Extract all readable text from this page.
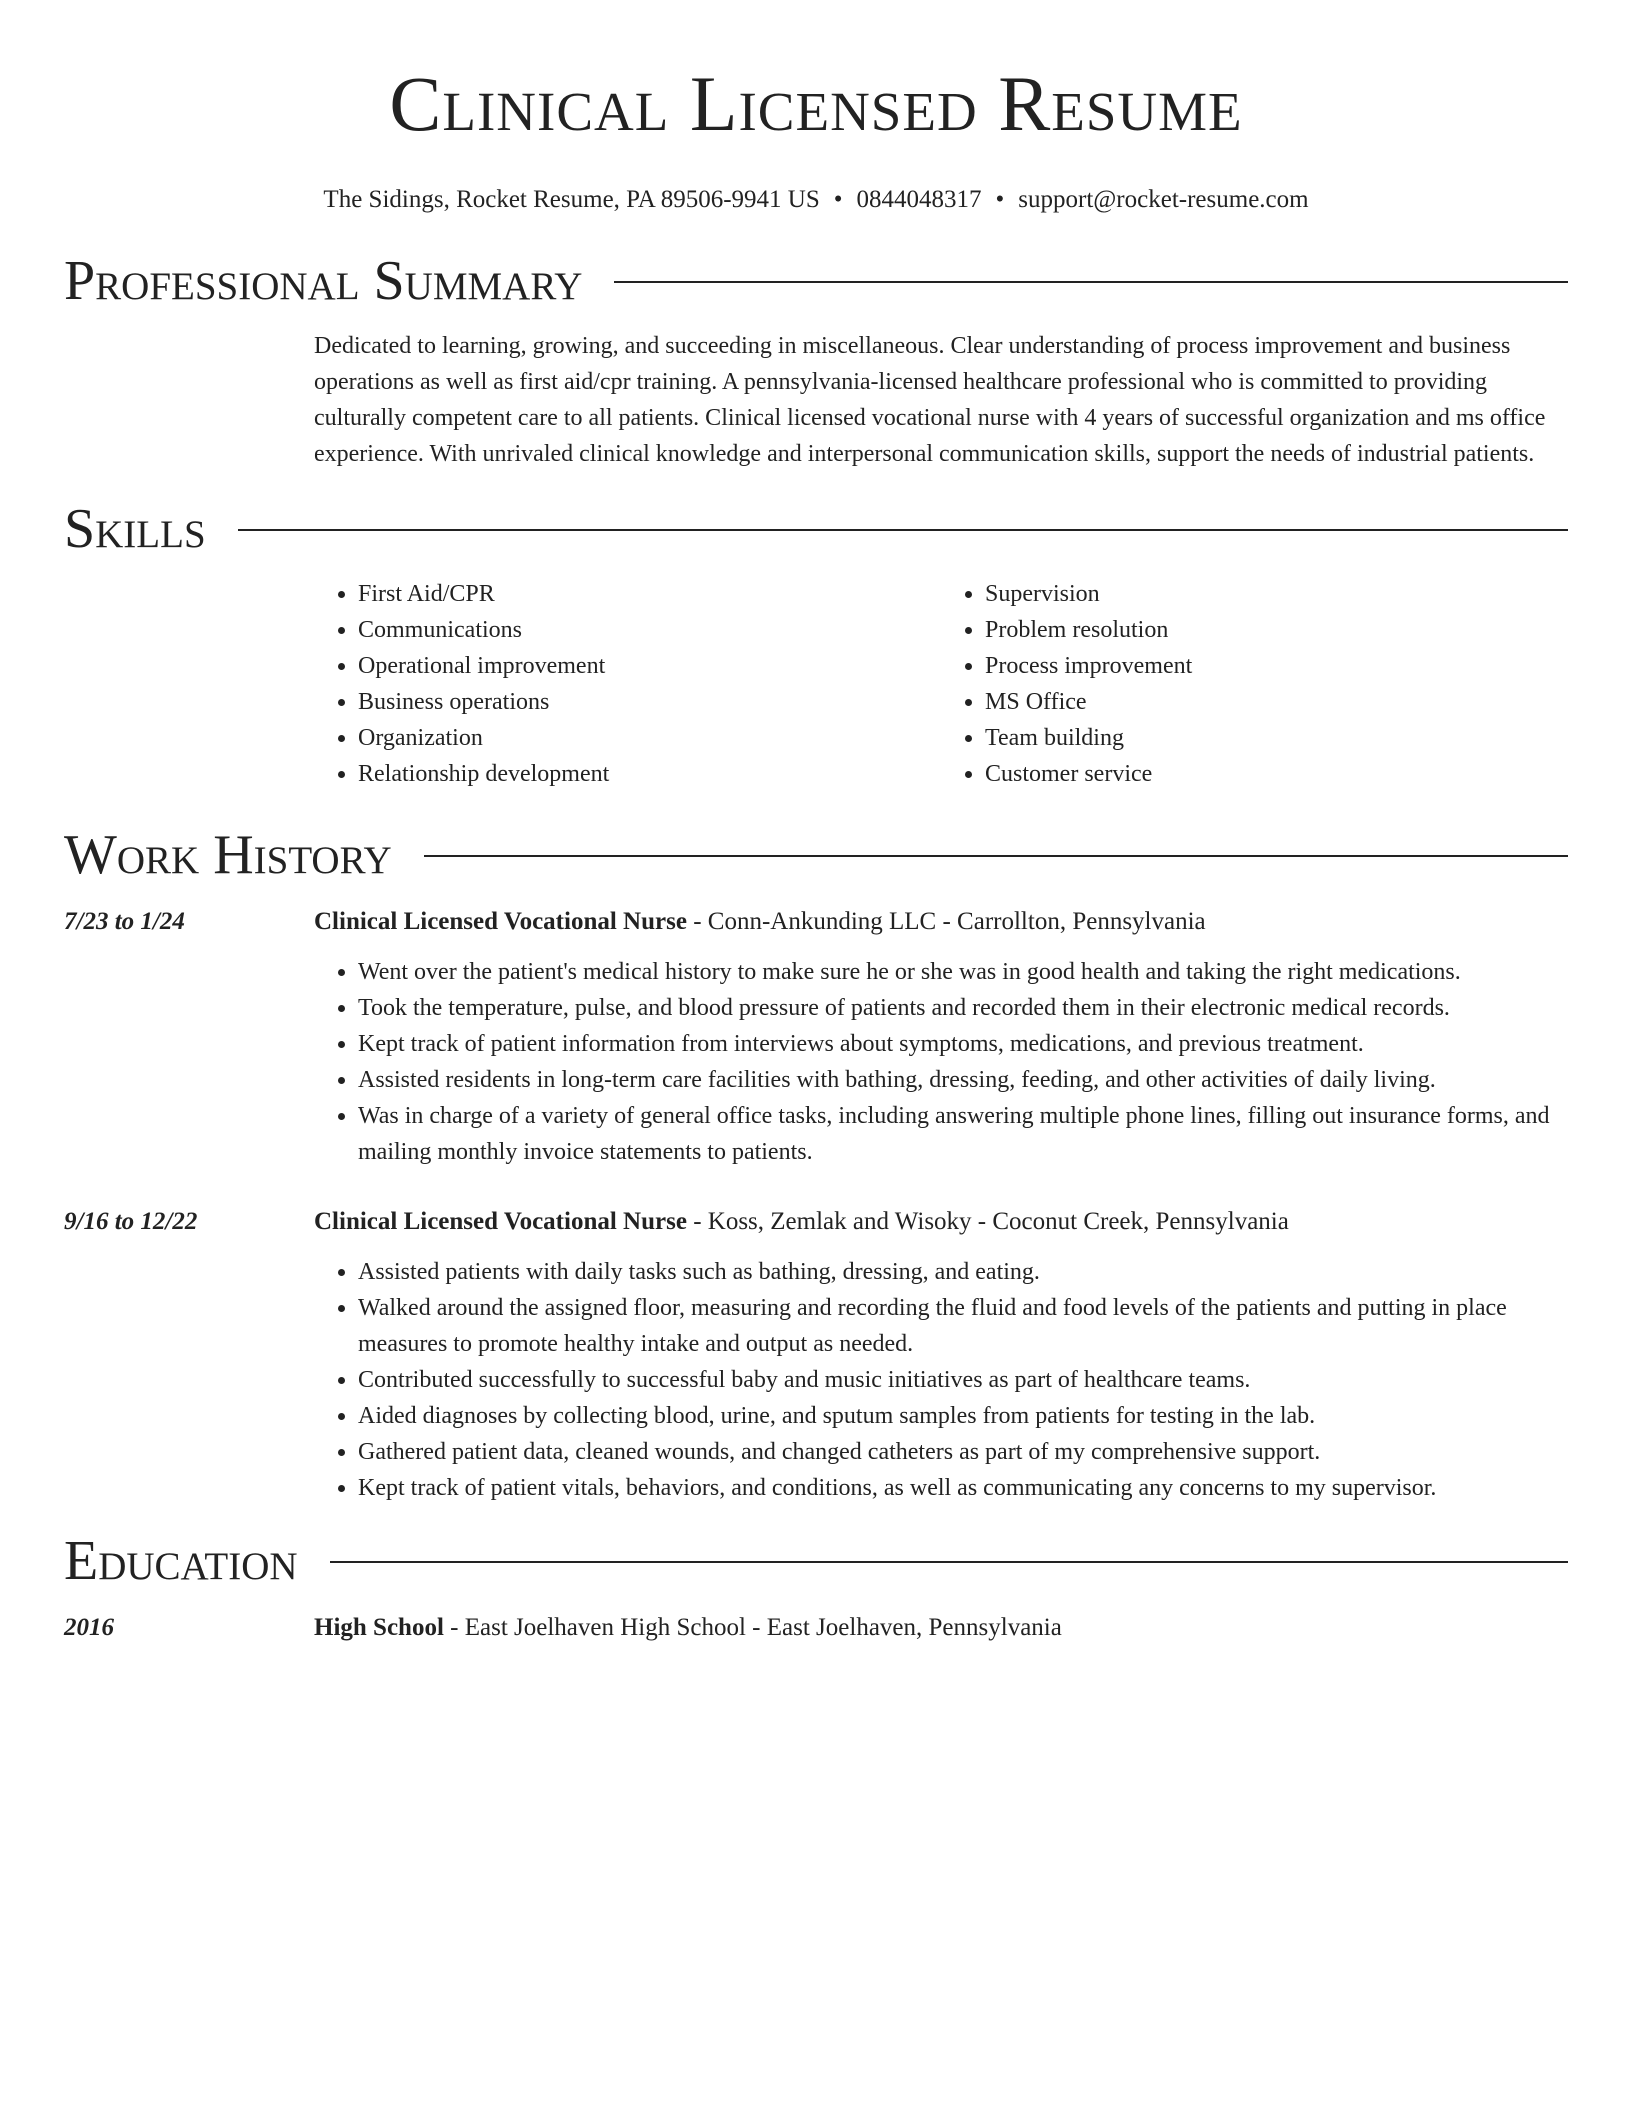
Clinical Licensed Resume
The Sidings, Rocket Resume, PA 89506-9941 US • 0844048317 • support@rocket-resume.com
Professional Summary

Dedicated to learning, growing, and succeeding in miscellaneous. Clear understanding of process improvement and business operations as well as first aid/cpr training. A pennsylvania-licensed healthcare professional who is committed to providing culturally competent care to all patients. Clinical licensed vocational nurse with 4 years of successful organization and ms office experience. With unrivaled clinical knowledge and interpersonal communication skills, support the needs of industrial patients.

Skills
• First Aid/CPR
• Communications
• Operational improvement
• Business operations
• Organization
• Relationship development
• Supervision
• Problem resolution
• Process improvement
• MS Office
• Team building
• Customer service
Work History
7/23 to 1/24	Clinical Licensed Vocational Nurse - Conn-Ankunding LLC - Carrollton, Pennsylvania
• Went over the patient's medical history to make sure he or she was in good health and taking the right medications.
• Took the temperature, pulse, and blood pressure of patients and recorded them in their electronic medical records.
• Kept track of patient information from interviews about symptoms, medications, and previous treatment.
• Assisted residents in long-term care facilities with bathing, dressing, feeding, and other activities of daily living.
• Was in charge of a variety of general office tasks, including answering multiple phone lines, filling out insurance forms, and mailing monthly invoice statements to patients.
9/16 to 12/22	Clinical Licensed Vocational Nurse - Koss, Zemlak and Wisoky - Coconut Creek, Pennsylvania
• Assisted patients with daily tasks such as bathing, dressing, and eating.
• Walked around the assigned floor, measuring and recording the fluid and food levels of the patients and putting in place measures to promote healthy intake and output as needed.
• Contributed successfully to successful baby and music initiatives as part of healthcare teams.
• Aided diagnoses by collecting blood, urine, and sputum samples from patients for testing in the lab.
• Gathered patient data, cleaned wounds, and changed catheters as part of my comprehensive support.
• Kept track of patient vitals, behaviors, and conditions, as well as communicating any concerns to my supervisor.
Education
2016	High School - East Joelhaven High School - East Joelhaven, Pennsylvania
